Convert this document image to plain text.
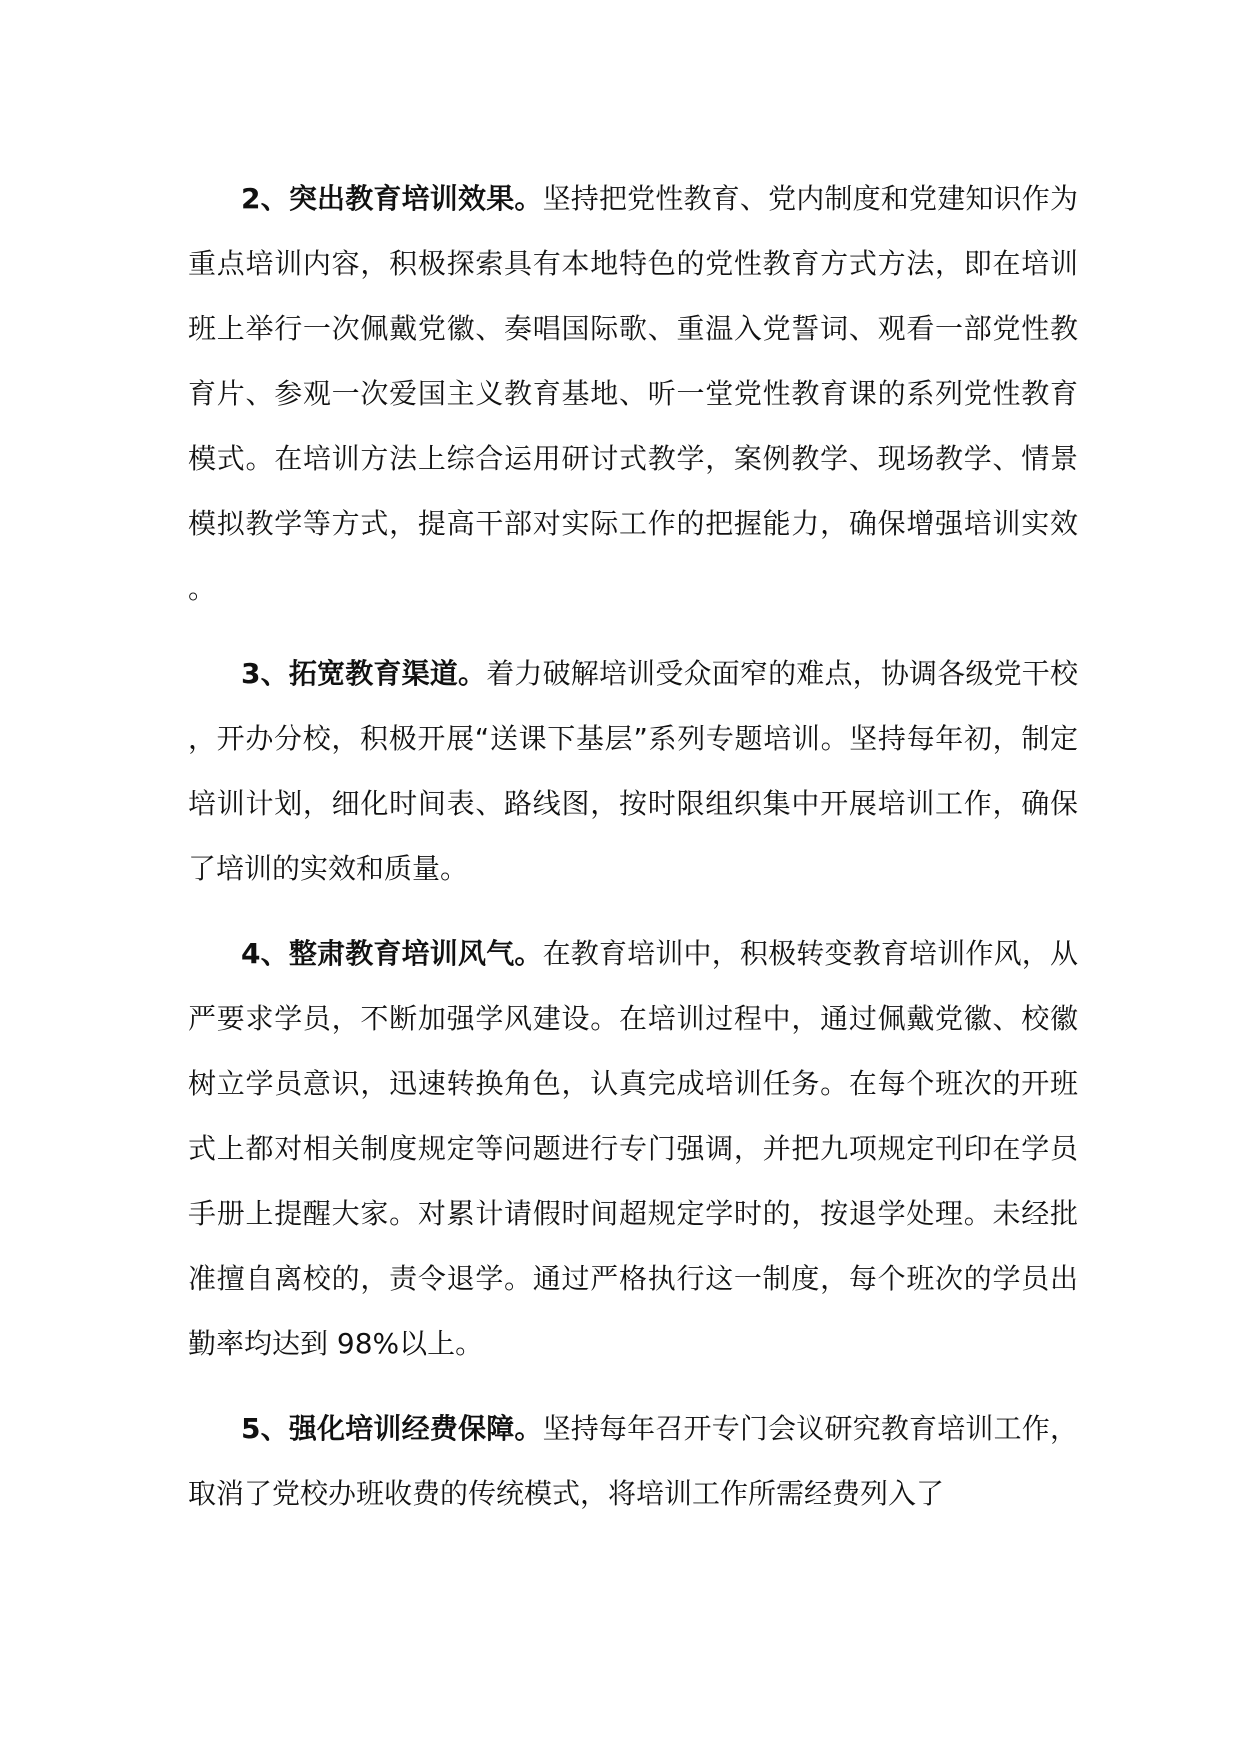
2、突出教育培训效果。坚持把党性教育、党内制度和党建知识作为重点培训内容，积极探索具有本地特色的党性教育方式方法，即在培训班上举行一次佩戴党徽、奏唱国际歌、重温入党誓词、观看一部党性教育片、参观一次爱国主义教育基地、听一堂党性教育课的系列党性教育模式。在培训方法上综合运用研讨式教学，案例教学、现场教学、情景模拟教学等方式，提高干部对实际工作的把握能力，确保增强培训实效。

3、拓宽教育渠道。着力破解培训受众面窄的难点，协调各级党干校，开办分校，积极开展“送课下基层”系列专题培训。坚持每年初，制定培训计划，细化时间表、路线图，按时限组织集中开展培训工作，确保了培训的实效和质量。

4、整肃教育培训风气。在教育培训中，积极转变教育培训作风，从严要求学员，不断加强学风建设。在培训过程中，通过佩戴党徽、校徽树立学员意识，迅速转换角色，认真完成培训任务。在每个班次的开班式上都对相关制度规定等问题进行专门强调，并把九项规定刊印在学员手册上提醒大家。对累计请假时间超规定学时的，按退学处理。未经批准擅自离校的，责令退学。通过严格执行这一制度，每个班次的学员出勤率均达到 98%以上。

5、强化培训经费保障。坚持每年召开专门会议研究教育培训工作，取消了党校办班收费的传统模式，将培训工作所需经费列入了
